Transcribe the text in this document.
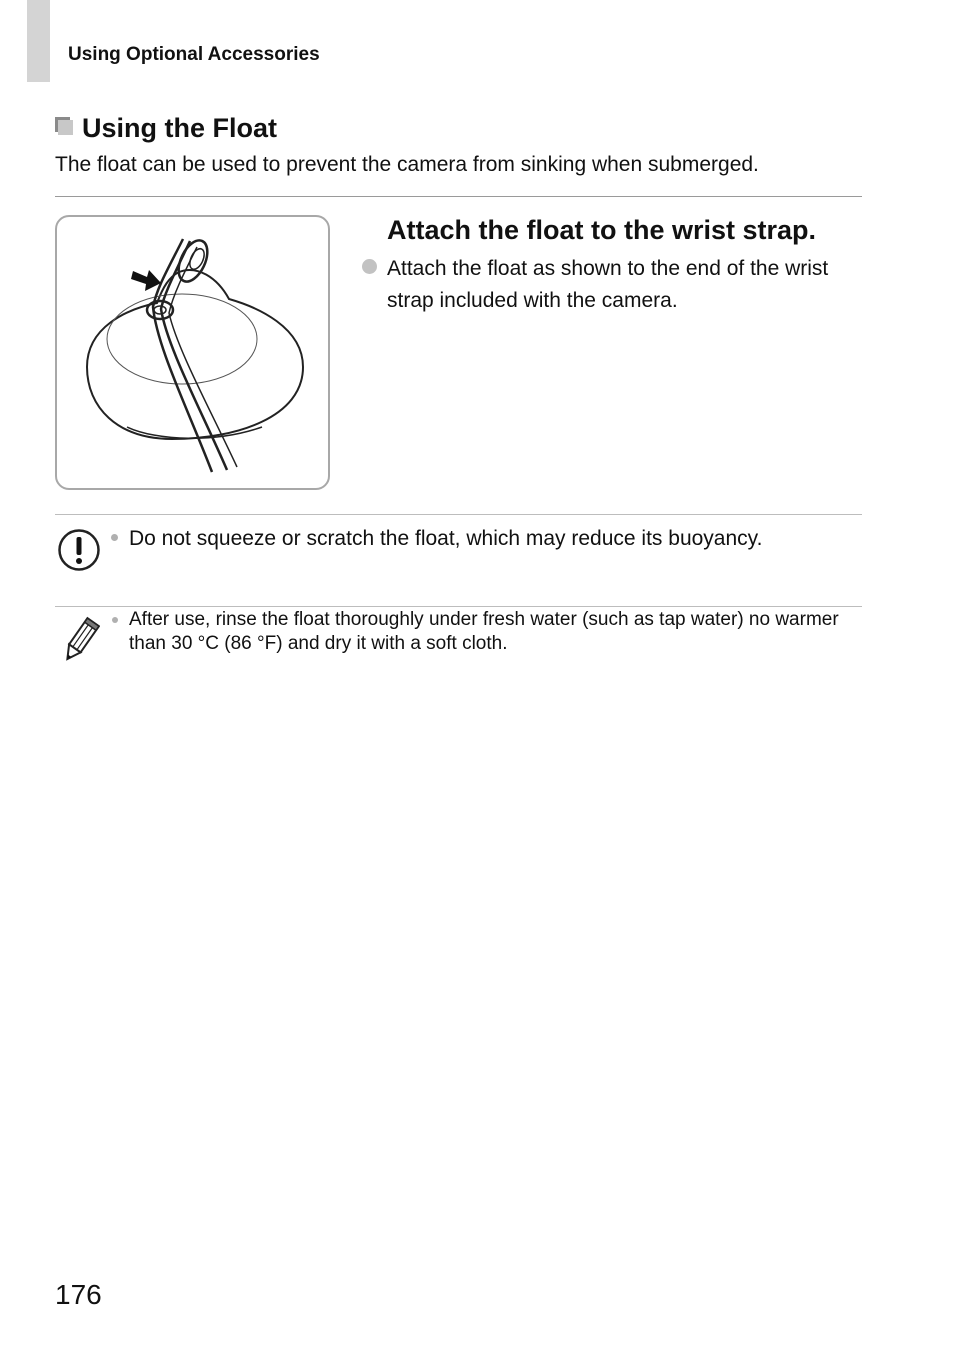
Using Optional Accessories
Using the Float
The float can be used to prevent the camera from sinking when submerged.
Attach the float to the wrist strap.
Attach the float as shown to the end of the wrist strap included with the camera.
Do not squeeze or scratch the float, which may reduce its buoyancy.
After use, rinse the float thoroughly under fresh water (such as tap water) no warmer than 30 °C (86 °F) and dry it with a soft cloth.
176
